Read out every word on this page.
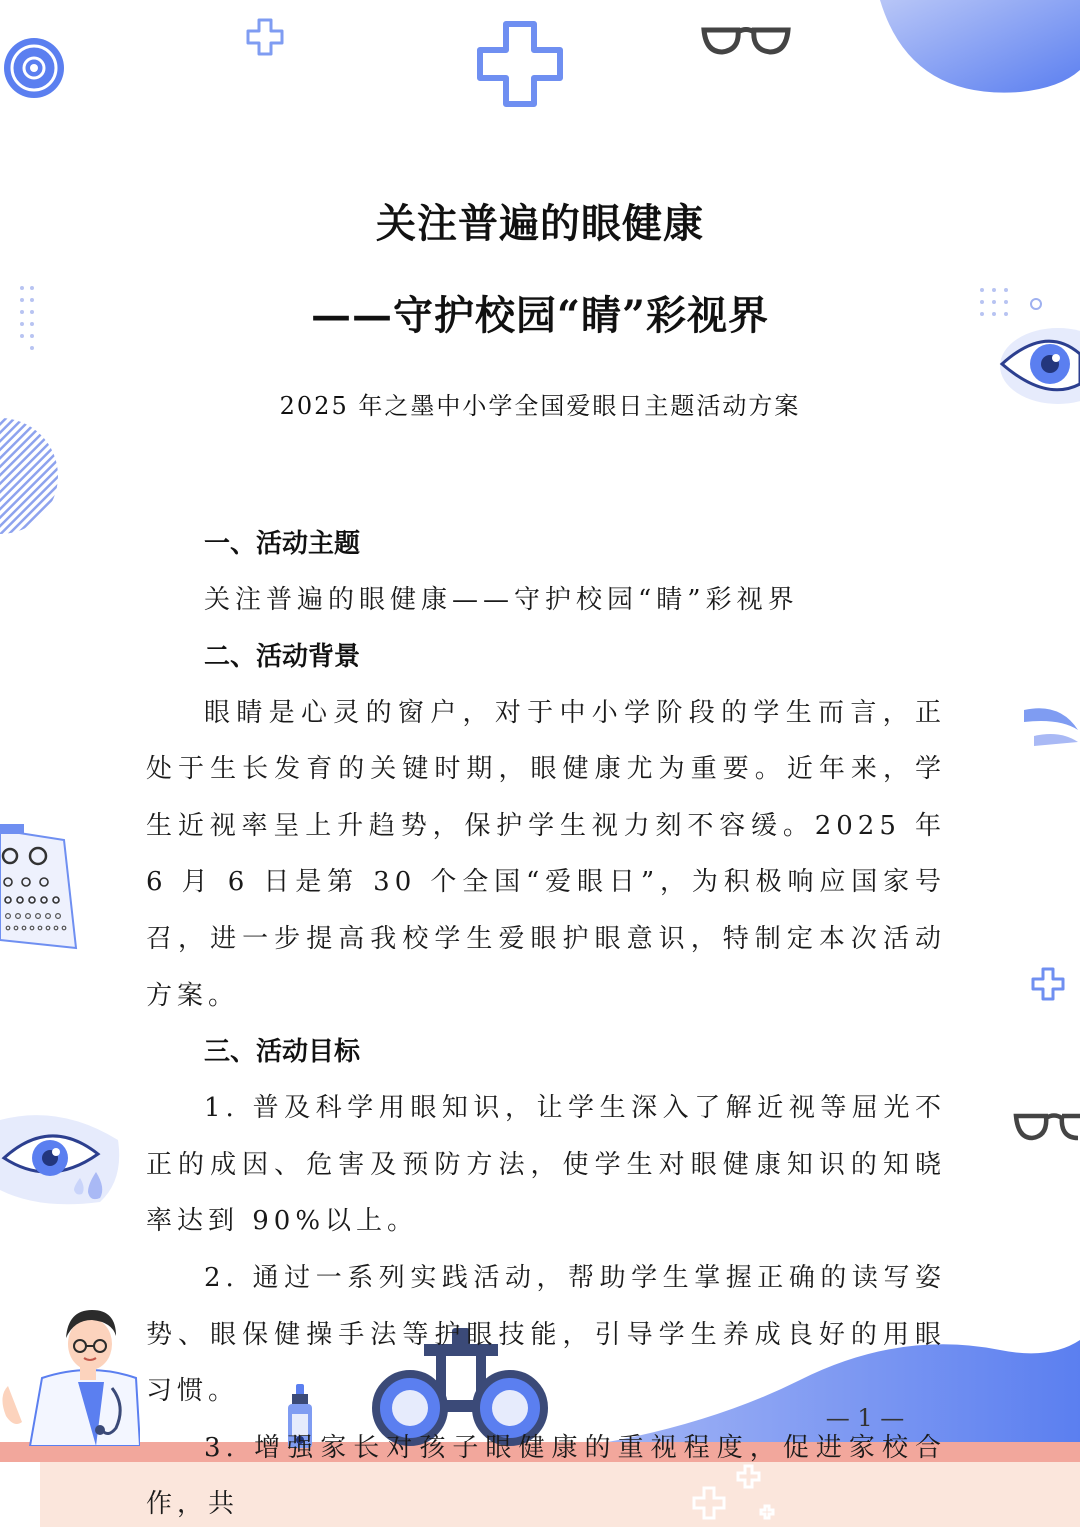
关注普遍的眼健康
——守护校园“睛”彩视界
2025 年之墨中小学全国爱眼日主题活动方案

一、活动主题

关注普遍的眼健康——守护校园“睛”彩视界

二、活动背景

眼睛是心灵的窗户，对于中小学阶段的学生而言，正处于生长发育的关键时期，眼健康尤为重要。近年来，学生近视率呈上升趋势，保护学生视力刻不容缓。2025 年 6 月 6 日是第 30 个全国“爱眼日”，为积极响应国家号召，进一步提高我校学生爱眼护眼意识，特制定本次活动方案。

三、活动目标

1. 普及科学用眼知识，让学生深入了解近视等屈光不正的成因、危害及预防方法，使学生对眼健康知识的知晓率达到 90%以上。

2. 通过一系列实践活动，帮助学生掌握正确的读写姿势、眼保健操手法等护眼技能，引导学生养成良好的用眼习惯。

3. 增强家长对孩子眼健康的重视程度，促进家校合作，共

— 1 —
